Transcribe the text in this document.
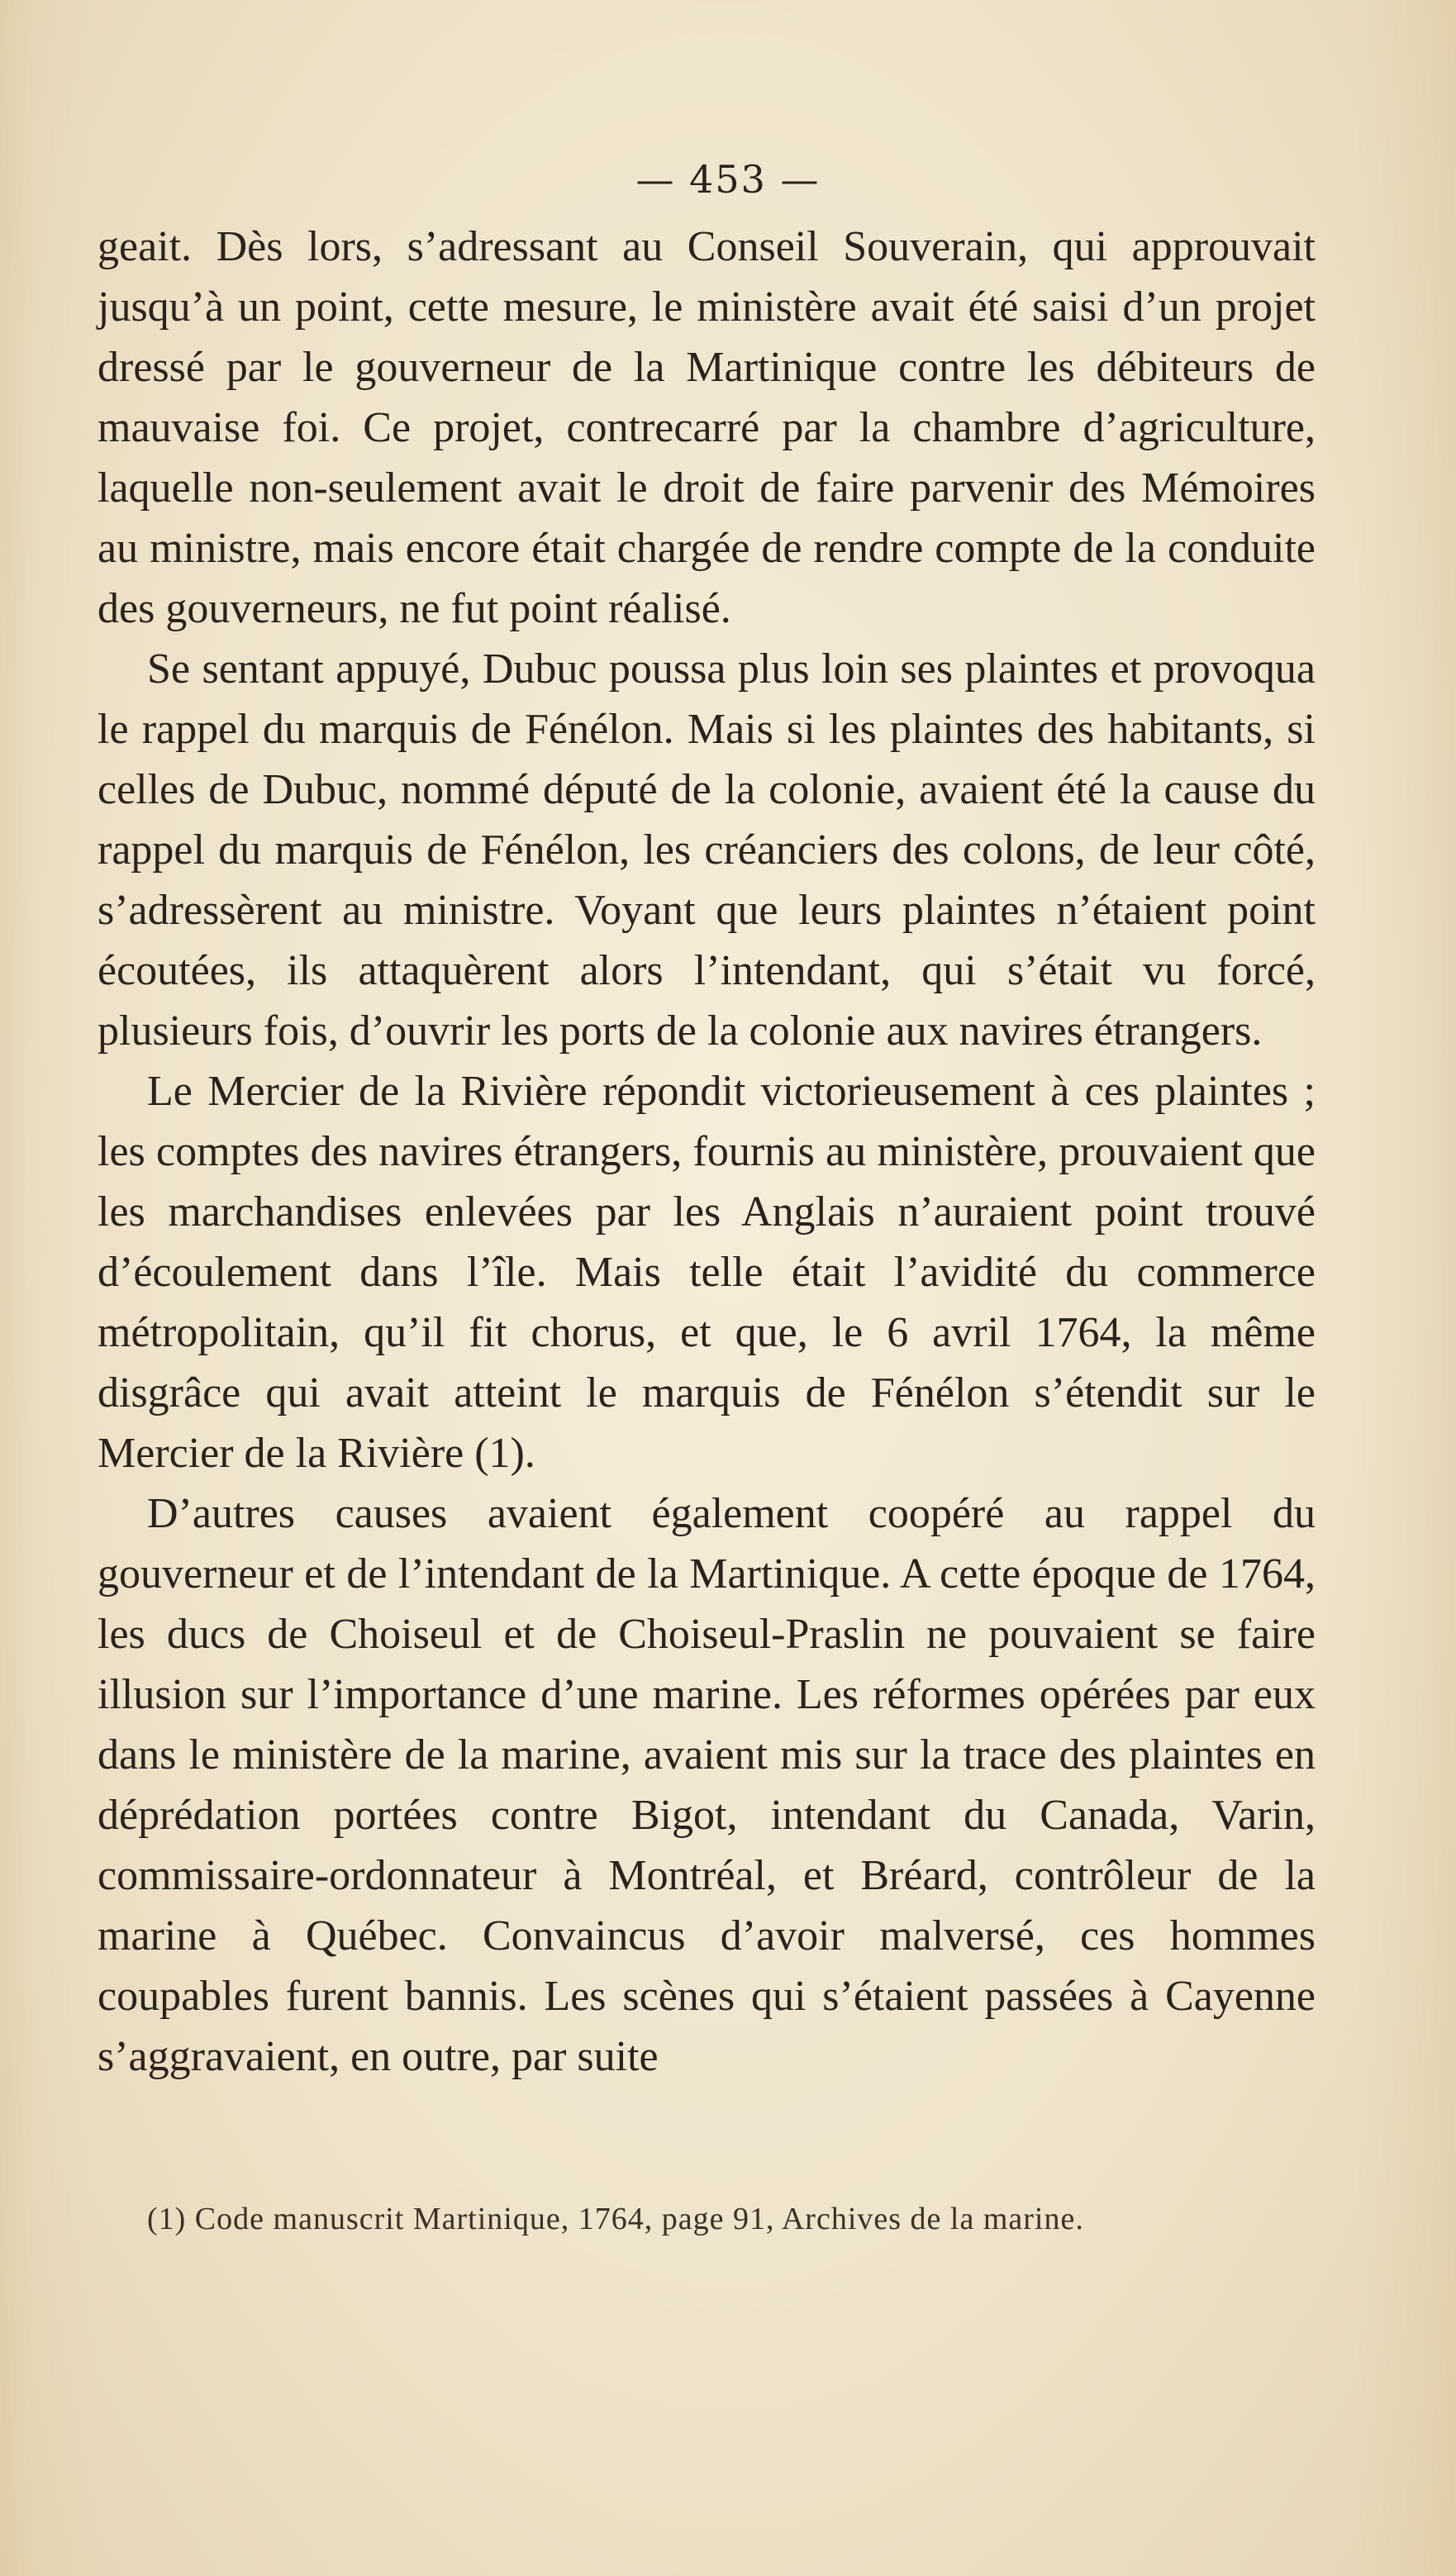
— 453 —

geait. Dès lors, s’adressant au Conseil Souverain, qui approuvait jusqu’à un point, cette mesure, le ministère avait été saisi d’un projet dressé par le gouverneur de la Martinique contre les débiteurs de mauvaise foi. Ce projet, contrecarré par la chambre d’agriculture, laquelle non-seulement avait le droit de faire parvenir des Mémoires au ministre, mais encore était chargée de rendre compte de la conduite des gouverneurs, ne fut point réalisé.

Se sentant appuyé, Dubuc poussa plus loin ses plaintes et provoqua le rappel du marquis de Fénélon. Mais si les plaintes des habitants, si celles de Dubuc, nommé député de la colonie, avaient été la cause du rappel du marquis de Fénélon, les créanciers des colons, de leur côté, s’adressèrent au ministre. Voyant que leurs plaintes n’étaient point écoutées, ils attaquèrent alors l’intendant, qui s’était vu forcé, plusieurs fois, d’ouvrir les ports de la colonie aux navires étrangers.

Le Mercier de la Rivière répondit victorieusement à ces plaintes ; les comptes des navires étrangers, fournis au ministère, prouvaient que les marchandises enlevées par les Anglais n’auraient point trouvé d’écoulement dans l’île. Mais telle était l’avidité du commerce métropolitain, qu’il fit chorus, et que, le 6 avril 1764, la même disgrâce qui avait atteint le marquis de Fénélon s’étendit sur le Mercier de la Rivière (1).

D’autres causes avaient également coopéré au rappel du gouverneur et de l’intendant de la Martinique. A cette époque de 1764, les ducs de Choiseul et de Choiseul-Praslin ne pouvaient se faire illusion sur l’importance d’une marine. Les réformes opérées par eux dans le ministère de la marine, avaient mis sur la trace des plaintes en déprédation portées contre Bigot, intendant du Canada, Varin, commissaire-ordonnateur à Montréal, et Bréard, contrôleur de la marine à Québec. Convaincus d’avoir malversé, ces hommes coupables furent bannis. Les scènes qui s’étaient passées à Cayenne s’aggravaient, en outre, par suite

(1) Code manuscrit Martinique, 1764, page 91, Archives de la marine.
